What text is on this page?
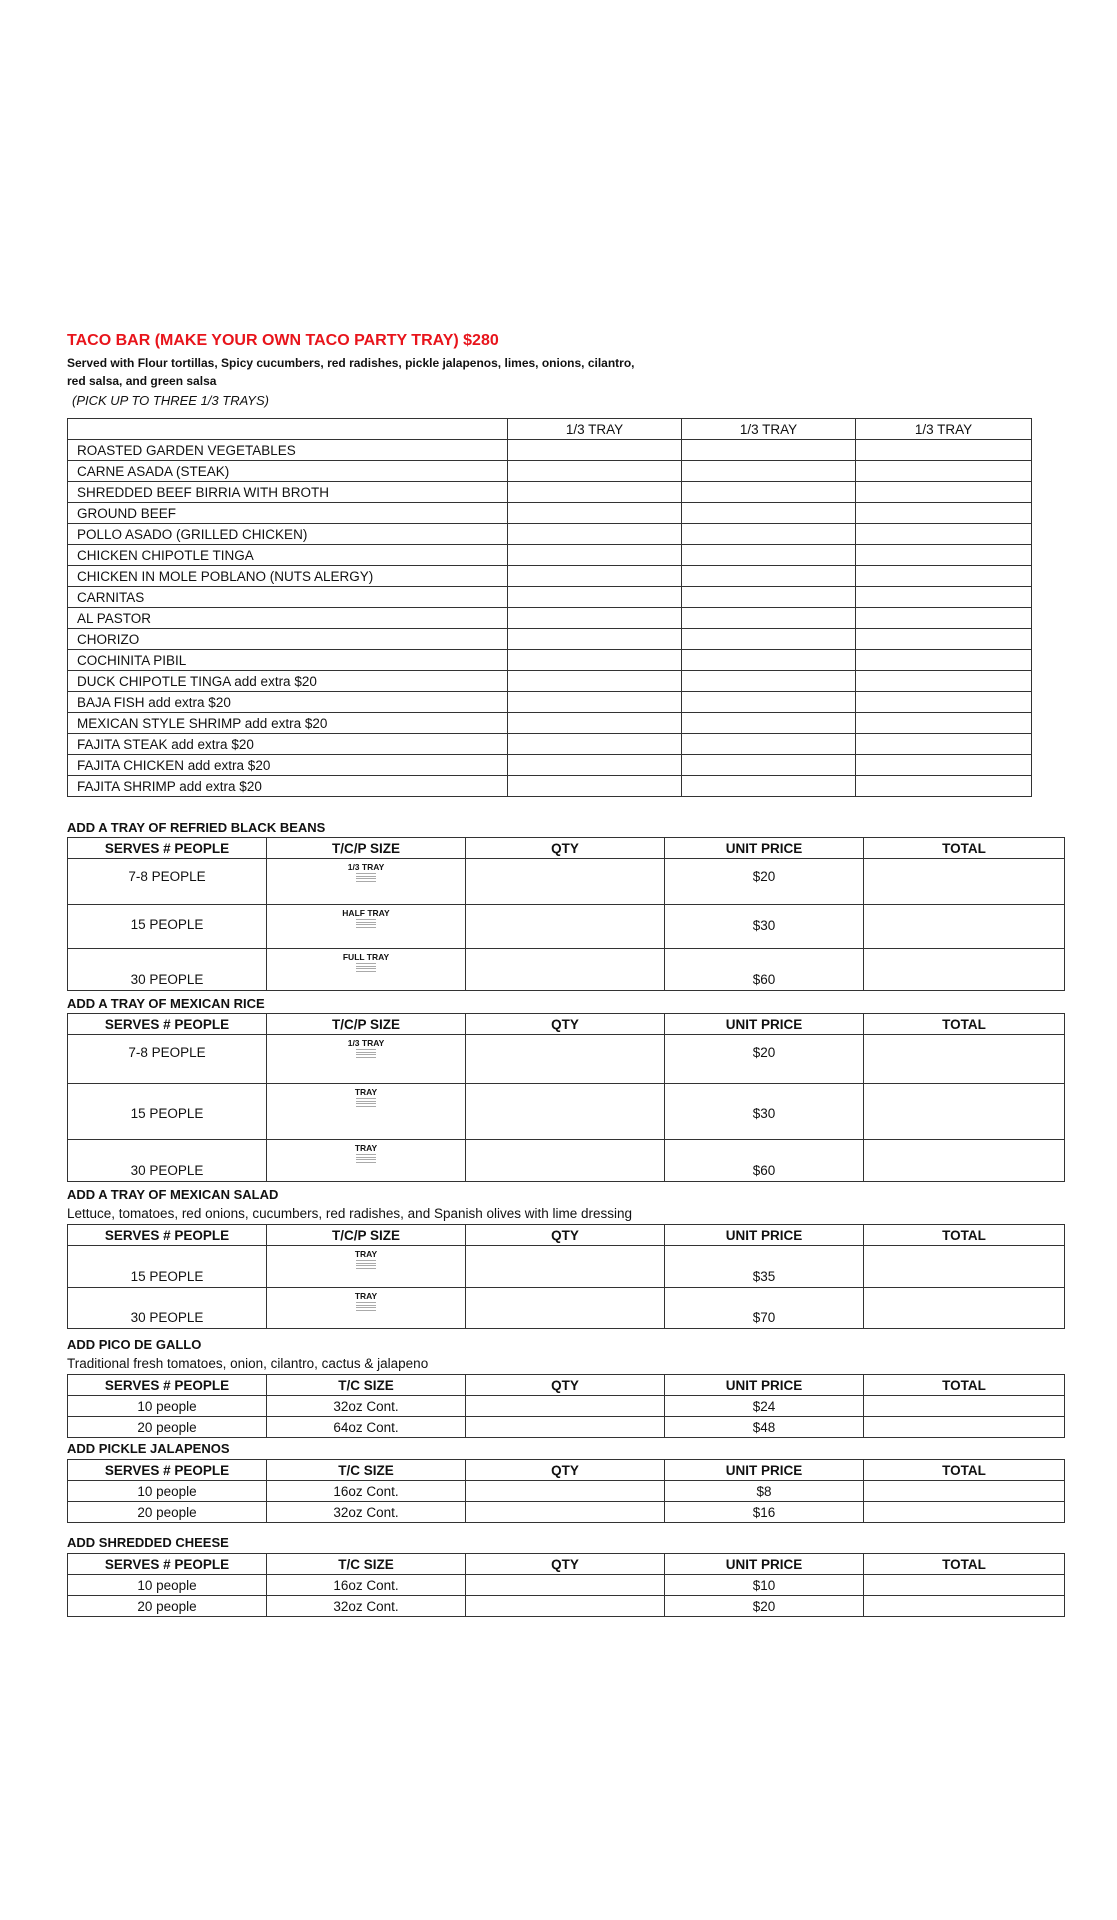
TACO BAR (MAKE YOUR OWN TACO PARTY TRAY) $280
Served with Flour tortillas, Spicy cucumbers, red radishes, pickle jalapenos, limes, onions, cilantro,
red salsa, and green salsa
(PICK UP TO THREE 1/3 TRAYS)
	1/3 TRAY	1/3 TRAY	1/3 TRAY
ROASTED GARDEN VEGETABLES			
CARNE ASADA (STEAK)			
SHREDDED BEEF BIRRIA WITH BROTH			
GROUND BEEF			
POLLO ASADO (GRILLED CHICKEN)			
CHICKEN CHIPOTLE TINGA			
CHICKEN IN MOLE POBLANO (NUTS ALERGY)			
CARNITAS			
AL PASTOR			
CHORIZO			
COCHINITA PIBIL			
DUCK CHIPOTLE TINGA add extra $20			
BAJA FISH add extra $20			
MEXICAN STYLE SHRIMP add extra $20			
FAJITA STEAK add extra $20			
FAJITA CHICKEN add extra $20			
FAJITA SHRIMP add extra $20			
ADD A TRAY OF REFRIED BLACK BEANS
SERVES # PEOPLE	T/C/P SIZE	QTY	UNIT PRICE	TOTAL

7-8 PEOPLE	1/3 TRAY		$20	

15 PEOPLE	HALF TRAY		$30	

30 PEOPLE	FULL TRAY		$60	

ADD A TRAY OF MEXICAN RICE
SERVES # PEOPLE	T/C/P SIZE	QTY	UNIT PRICE	TOTAL

7-8 PEOPLE	1/3 TRAY		$20	

15 PEOPLE	TRAY		$30	

30 PEOPLE	TRAY		$60	

ADD A TRAY OF MEXICAN SALAD
Lettuce, tomatoes, red onions, cucumbers, red radishes, and Spanish olives with lime dressing
SERVES # PEOPLE	T/C/P SIZE	QTY	UNIT PRICE	TOTAL

15 PEOPLE	TRAY		$35	

30 PEOPLE	TRAY		$70	

ADD PICO DE GALLO
Traditional fresh tomatoes, onion, cilantro, cactus & jalapeno
SERVES # PEOPLE	T/C SIZE	QTY	UNIT PRICE	TOTAL
10 people	32oz Cont.		$24	
20 people	64oz Cont.		$48	
ADD PICKLE JALAPENOS
SERVES # PEOPLE	T/C SIZE	QTY	UNIT PRICE	TOTAL
10 people	16oz Cont.		$8	
20 people	32oz Cont.		$16	
ADD SHREDDED CHEESE
SERVES # PEOPLE	T/C SIZE	QTY	UNIT PRICE	TOTAL
10 people	16oz Cont.		$10	
20 people	32oz Cont.		$20	
